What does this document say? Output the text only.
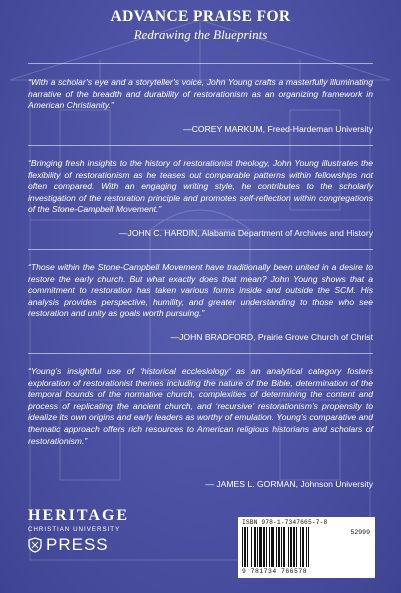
ADVANCE PRAISE FOR
Redrawing the Blueprints
“With a scholar’s eye and a storyteller’s voice, John Young crafts a masterfully illuminating narrative of the breadth and durability of restorationism as an organizing framework in American Christianity.”
—COREY MARKUM, Freed-Hardeman University
“Bringing fresh insights to the history of restorationist theology, John Young illustrates the flexibility of restorationism as he teases out comparable patterns within fellowships not often compared. With an engaging writing style, he contributes to the scholarly investigation of the restoration principle and promotes self-reflection within congregations of the Stone-Campbell Movement.”
—JOHN C. HARDIN, Alabama Department of Archives and History
“Those within the Stone-Campbell Movement have traditionally been united in a desire to restore the early church. But what exactly does that mean? John Young shows that a commitment to restoration has taken various forms inside and outside the SCM. His analysis provides perspective, humility, and greater understanding to those who see restoration and unity as goals worth pursuing.”
—JOHN BRADFORD, Prairie Grove Church of Christ
“Young’s insightful use of ‘historical ecclesiology’ as an analytical category fosters exploration of restorationist themes including the nature of the Bible, determination of the temporal bounds of the normative church, complexities of determining the content and process of replicating the ancient church, and ‘recursive’ restorationism’s propensity to idealize its own origins and early leaders as worthy of emulation. Young’s comparative and thematic approach offers rich resources to American religious historians and scholars of restorationism.”
— JAMES L. GORMAN, Johnson University
HERITAGE
CHRISTIAN UNIVERSITY
PRESS
ISBN 978-1-7347665-7-8
52999
9 781734 766578
